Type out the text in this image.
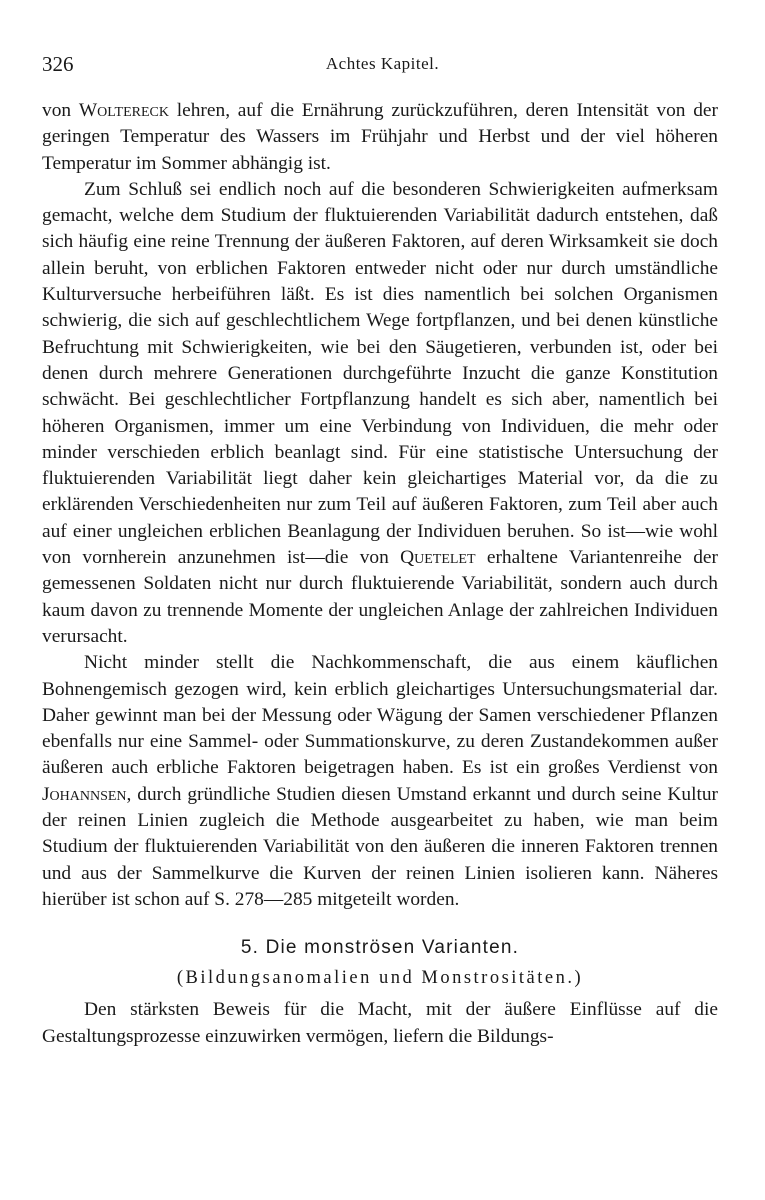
326	Achtes Kapitel.

von Woltereck lehren, auf die Ernährung zurückzuführen, deren Intensität von der geringen Temperatur des Wassers im Frühjahr und Herbst und der viel höheren Temperatur im Sommer abhängig ist.

Zum Schluß sei endlich noch auf die besonderen Schwierigkeiten aufmerksam gemacht, welche dem Studium der fluktuierenden Variabilität dadurch entstehen, daß sich häufig eine reine Trennung der äußeren Faktoren, auf deren Wirksamkeit sie doch allein beruht, von erblichen Faktoren entweder nicht oder nur durch umständliche Kulturversuche herbeiführen läßt. Es ist dies namentlich bei solchen Organismen schwierig, die sich auf geschlechtlichem Wege fortpflanzen, und bei denen künstliche Befruchtung mit Schwierigkeiten, wie bei den Säugetieren, verbunden ist, oder bei denen durch mehrere Generationen durchgeführte Inzucht die ganze Konstitution schwächt. Bei geschlechtlicher Fortpflanzung handelt es sich aber, namentlich bei höheren Organismen, immer um eine Verbindung von Individuen, die mehr oder minder verschieden erblich beanlagt sind. Für eine statistische Untersuchung der fluktuierenden Variabilität liegt daher kein gleichartiges Material vor, da die zu erklärenden Verschiedenheiten nur zum Teil auf äußeren Faktoren, zum Teil aber auch auf einer ungleichen erblichen Beanlagung der Individuen beruhen. So ist—wie wohl von vornherein anzunehmen ist—die von Quetelet erhaltene Variantenreihe der gemessenen Soldaten nicht nur durch fluktuierende Variabilität, sondern auch durch kaum davon zu trennende Momente der ungleichen Anlage der zahlreichen Individuen verursacht.

Nicht minder stellt die Nachkommenschaft, die aus einem käuflichen Bohnengemisch gezogen wird, kein erblich gleichartiges Untersuchungsmaterial dar. Daher gewinnt man bei der Messung oder Wägung der Samen verschiedener Pflanzen ebenfalls nur eine Sammel- oder Summationskurve, zu deren Zustandekommen außer äußeren auch erbliche Faktoren beigetragen haben. Es ist ein großes Verdienst von Johannsen, durch gründliche Studien diesen Umstand erkannt und durch seine Kultur der reinen Linien zugleich die Methode ausgearbeitet zu haben, wie man beim Studium der fluktuierenden Variabilität von den äußeren die inneren Faktoren trennen und aus der Sammelkurve die Kurven der reinen Linien isolieren kann. Näheres hierüber ist schon auf S. 278—285 mitgeteilt worden.

5. Die monströsen Varianten.
(Bildungsanomalien und Monstrositäten.)

Den stärksten Beweis für die Macht, mit der äußere Einflüsse auf die Gestaltungsprozesse einzuwirken vermögen, liefern die Bildungs-
